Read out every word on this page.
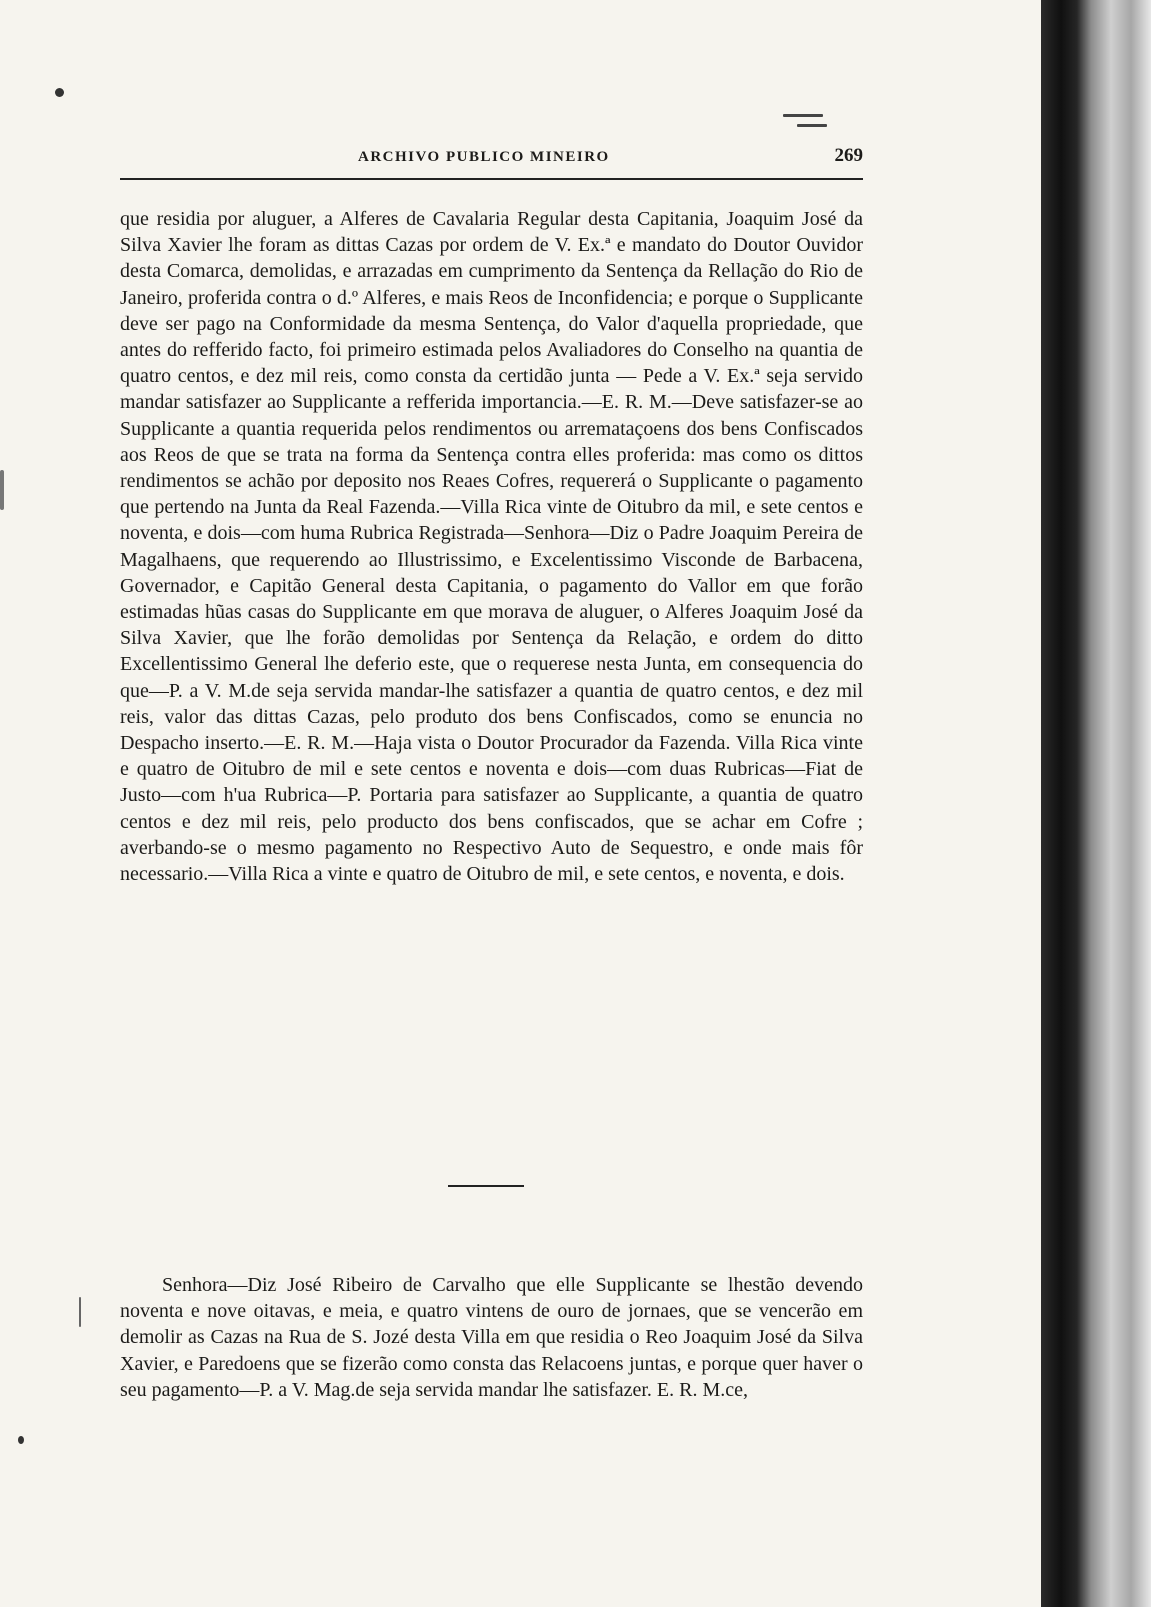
ARCHIVO PUBLICO MINEIRO	269

que residia por aluguer, a Alferes de Cavalaria Regular desta Capitania, Joaquim José da Silva Xavier lhe foram as dittas Cazas por ordem de V. Ex.ª e mandato do Doutor Ouvidor desta Comarca, demolidas, e arrazadas em cumprimento da Sentença da Rellação do Rio de Janeiro, proferida contra o d.º Alferes, e mais Reos de Inconfidencia; e porque o Supplicante deve ser pago na Conformidade da mesma Sentença, do Valor d'aquella propriedade, que antes do refferido facto, foi primeiro estimada pelos Avaliadores do Conselho na quantia de quatro centos, e dez mil reis, como consta da certidão junta — Pede a V. Ex.ª seja servido mandar satisfazer ao Supplicante a refferida importancia.—E. R. M.—Deve satisfazer-se ao Supplicante a quantia requerida pelos rendimentos ou arremataçoens dos bens Confiscados aos Reos de que se trata na forma da Sentença contra elles proferida: mas como os dittos rendimentos se achão por deposito nos Reaes Cofres, requererá o Supplicante o pagamento que pertendo na Junta da Real Fazenda.—Villa Rica vinte de Oitubro da mil, e sete centos e noventa, e dois—com huma Rubrica Registrada—Senhora—Diz o Padre Joaquim Pereira de Magalhaens, que requerendo ao Illustrissimo, e Excelentissimo Visconde de Barbacena, Governador, e Capitão General desta Capitania, o pagamento do Vallor em que forão estimadas hũas casas do Supplicante em que morava de aluguer, o Alferes Joaquim José da Silva Xavier, que lhe forão demolidas por Sentença da Relação, e ordem do ditto Excellentissimo General lhe deferio este, que o requerese nesta Junta, em consequencia do que—P. a V. M.de seja servida mandar-lhe satisfazer a quantia de quatro centos, e dez mil reis, valor das dittas Cazas, pelo produto dos bens Confiscados, como se enuncia no Despacho inserto.—E. R. M.—Haja vista o Doutor Procurador da Fazenda. Villa Rica vinte e quatro de Oitubro de mil e sete centos e noventa e dois—com duas Rubricas—Fiat de Justo—com h'ua Rubrica—P. Portaria para satisfazer ao Supplicante, a quantia de quatro centos e dez mil reis, pelo producto dos bens confiscados, que se achar em Cofre ; averbando-se o mesmo pagamento no Respectivo Auto de Sequestro, e onde mais fôr necessario.—Villa Rica a vinte e quatro de Oitubro de mil, e sete centos, e noventa, e dois.

Senhora—Diz José Ribeiro de Carvalho que elle Supplicante se lhestão devendo noventa e nove oitavas, e meia, e quatro vintens de ouro de jornaes, que se vencerão em demolir as Cazas na Rua de S. Jozé desta Villa em que residia o Reo Joaquim José da Silva Xavier, e Paredoens que se fizerão como consta das Relacoens juntas, e porque quer haver o seu pagamento—P. a V. Mag.de seja servida mandar lhe satisfazer. E. R. M.ce,
